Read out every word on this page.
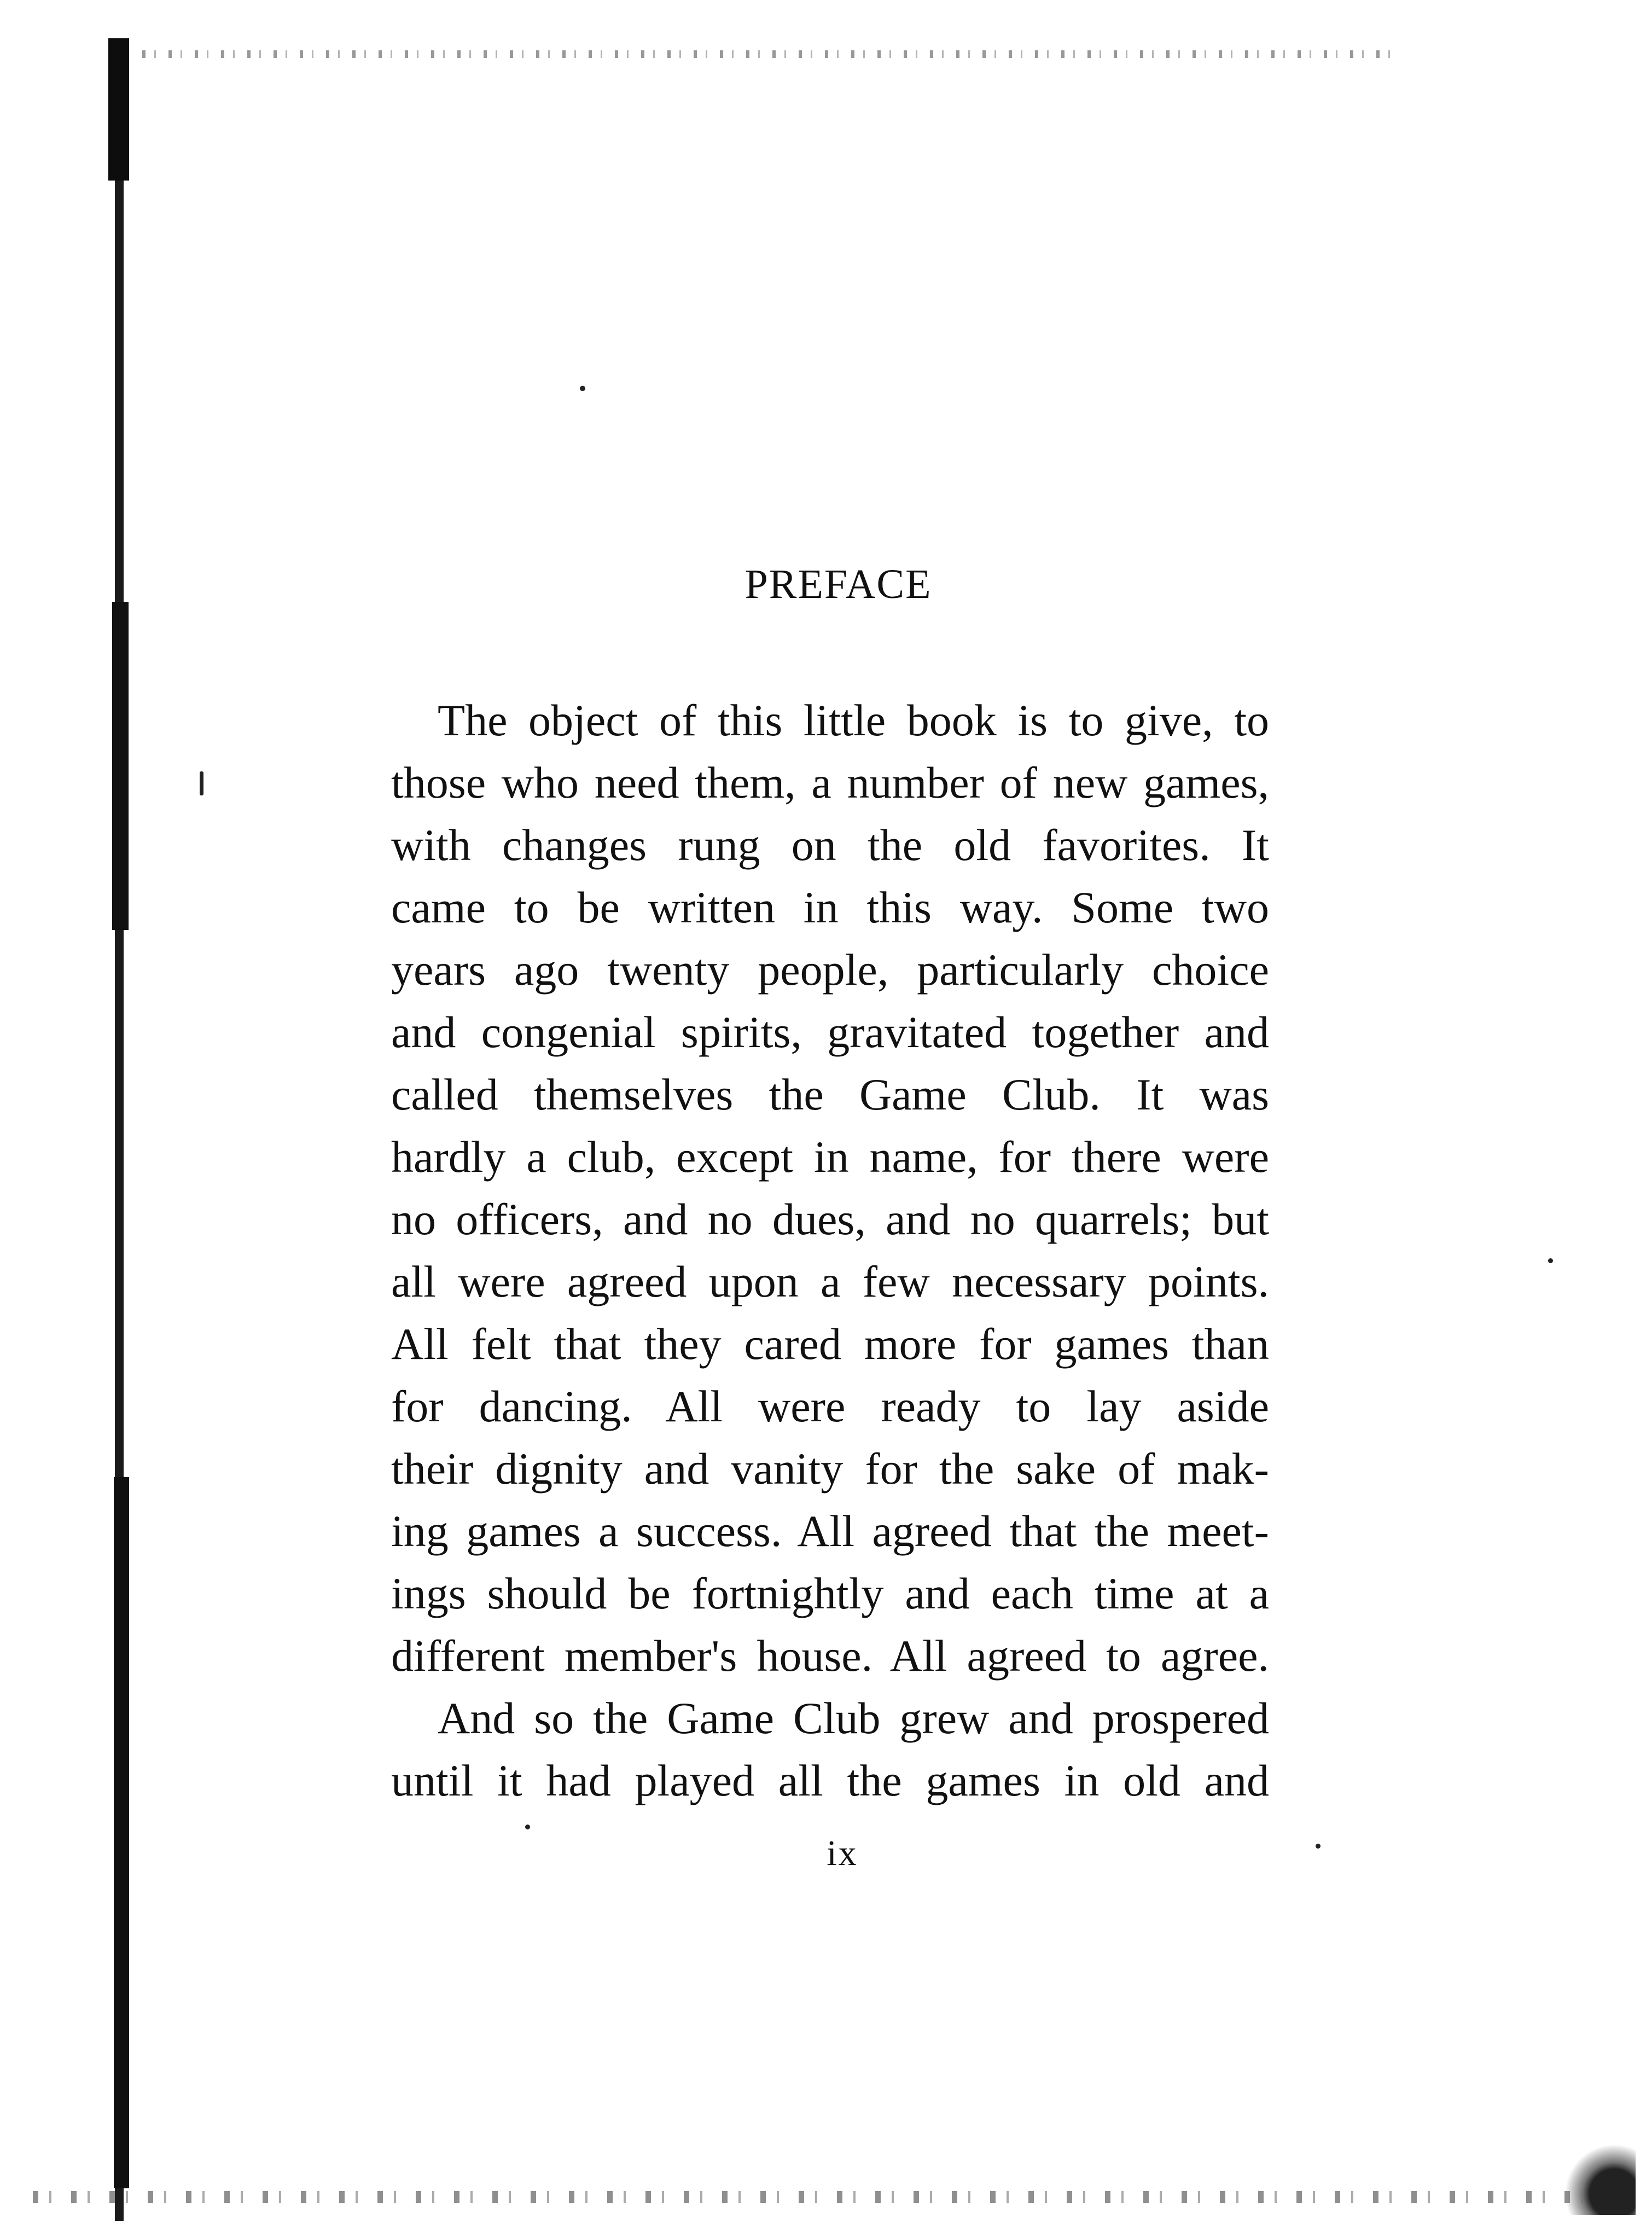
PREFACE
The object of this little book is to give, to
those who need them, a number of new games,
with changes rung on the old favorites. It
came to be written in this way. Some two
years ago twenty people, particularly choice
and congenial spirits, gravitated together and
called themselves the Game Club. It was
hardly a club, except in name, for there were
no officers, and no dues, and no quarrels; but
all were agreed upon a few necessary points.
All felt that they cared more for games than
for dancing. All were ready to lay aside
their dignity and vanity for the sake of mak-
ing games a success. All agreed that the meet-
ings should be fortnightly and each time at a
different member's house. All agreed to agree.
And so the Game Club grew and prospered
until it had played all the games in old and
ix
